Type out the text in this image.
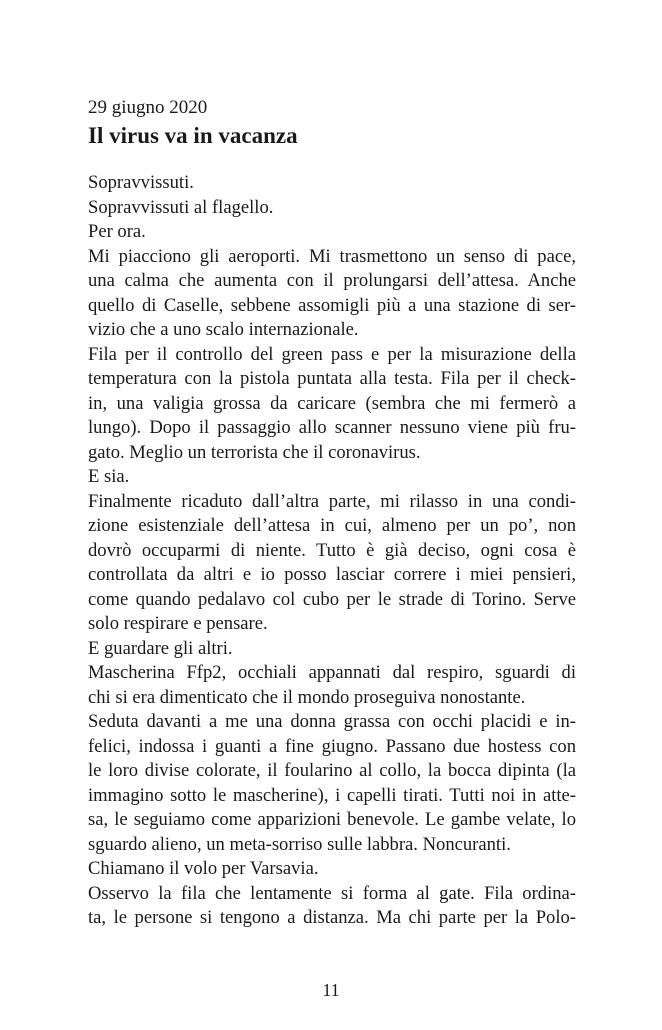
29 giugno 2020
Il virus va in vacanza
Sopravvissuti.
Sopravvissuti al flagello.
Per ora.
Mi piacciono gli aeroporti. Mi trasmettono un senso di pace,
una calma che aumenta con il prolungarsi dell’attesa. Anche
quello di Caselle, sebbene assomigli più a una stazione di ser-
vizio che a uno scalo internazionale.
Fila per il controllo del green pass e per la misurazione della
temperatura con la pistola puntata alla testa. Fila per il check-
in, una valigia grossa da caricare (sembra che mi fermerò a
lungo). Dopo il passaggio allo scanner nessuno viene più fru-
gato. Meglio un terrorista che il coronavirus.
E sia.
Finalmente ricaduto dall’altra parte, mi rilasso in una condi-
zione esistenziale dell’attesa in cui, almeno per un po’, non
dovrò occuparmi di niente. Tutto è già deciso, ogni cosa è
controllata da altri e io posso lasciar correre i miei pensieri,
come quando pedalavo col cubo per le strade di Torino. Serve
solo respirare e pensare.
E guardare gli altri.
Mascherina Ffp2, occhiali appannati dal respiro, sguardi di
chi si era dimenticato che il mondo proseguiva nonostante.
Seduta davanti a me una donna grassa con occhi placidi e in-
felici, indossa i guanti a fine giugno. Passano due hostess con
le loro divise colorate, il foularino al collo, la bocca dipinta (la
immagino sotto le mascherine), i capelli tirati. Tutti noi in atte-
sa, le seguiamo come apparizioni benevole. Le gambe velate, lo
sguardo alieno, un meta-sorriso sulle labbra. Noncuranti.
Chiamano il volo per Varsavia.
Osservo la fila che lentamente si forma al gate. Fila ordina-
ta, le persone si tengono a distanza. Ma chi parte per la Polo-
11
